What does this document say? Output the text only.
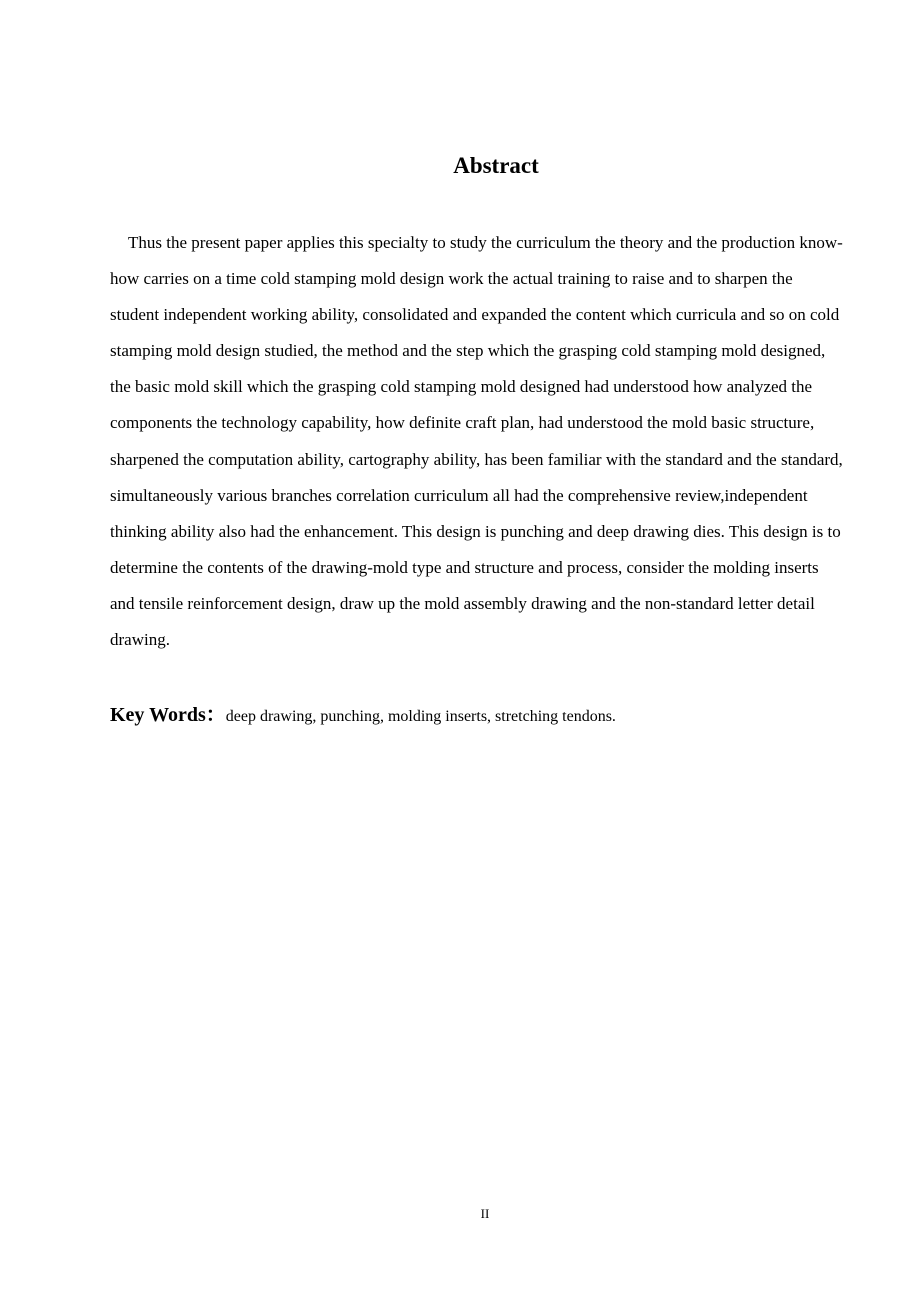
Abstract

Thus the present paper applies this specialty to study the curriculum the theory and the production know-how carries on a time cold stamping mold design work the actual training to raise and to sharpen the student independent working ability, consolidated and expanded the content which curricula and so on cold stamping mold design studied, the method and the step which the grasping cold stamping mold designed, the basic mold skill which the grasping cold stamping mold designed had understood how analyzed the components the technology capability, how definite craft plan, had understood the mold basic structure, sharpened the computation ability, cartography ability, has been familiar with the standard and the standard, simultaneously various branches correlation curriculum all had the comprehensive review,independent thinking ability also had the enhancement. This design is punching and deep drawing dies. This design is to determine the contents of the drawing-mold type and structure and process, consider the molding inserts and tensile reinforcement design, draw up the mold assembly drawing and the non-standard letter detail drawing.

Key Words：deep drawing, punching, molding inserts, stretching tendons.
II
